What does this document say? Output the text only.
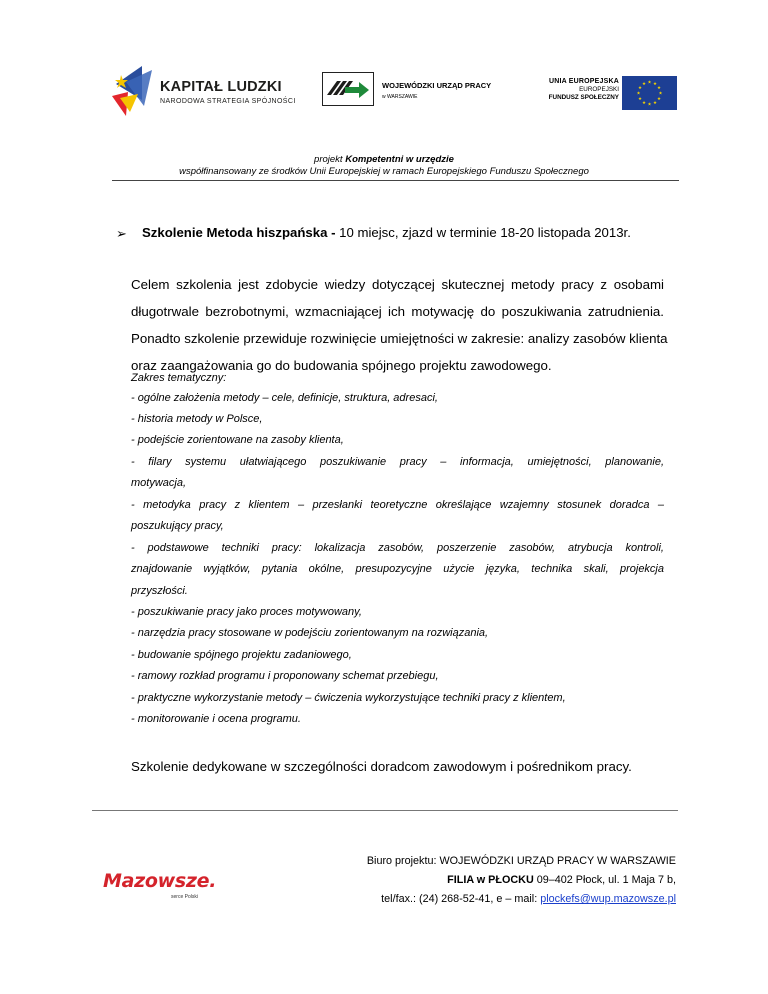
KAPITAŁ LUDZKI
NARODOWA STRATEGIA SPÓJNOŚCI
WOJEWÓDZKI URZĄD PRACY
w WARSZAWIE
UNIA EUROPEJSKA
EUROPEJSKI
FUNDUSZ SPOŁECZNY
★ ★
★
★
★
★
★
★
★
★
★
★
projekt Kompetentni w urzędzie
współfinansowany ze środków Unii Europejskiej w ramach Europejskiego Funduszu Społecznego
➢ Szkolenie Metoda hiszpańska - 10 miejsc, zjazd w terminie 18-20 listopada 2013r.
Celem szkolenia jest zdobycie wiedzy dotyczącej skutecznej metody pracy z osobami
długotrwale bezrobotnymi, wzmacniającej ich motywację do poszukiwania zatrudnienia.
Ponadto szkolenie przewiduje rozwinięcie umiejętności w zakresie: analizy zasobów klienta
oraz zaangażowania go do budowania spójnego projektu zawodowego.
Zakres tematyczny:
- ogólne założenia metody – cele, definicje, struktura, adresaci,
- historia metody w Polsce,
- podejście zorientowane na zasoby klienta,
- filary systemu ułatwiającego poszukiwanie pracy – informacja, umiejętności, planowanie,
motywacja,
- metodyka pracy z klientem – przesłanki teoretyczne określające wzajemny stosunek doradca –
poszukujący pracy,
- podstawowe techniki pracy: lokalizacja zasobów, poszerzenie zasobów, atrybucja kontroli,
znajdowanie wyjątków, pytania okólne, presupozycyjne użycie języka, technika skali, projekcja
przyszłości.
- poszukiwanie pracy jako proces motywowany,
- narzędzia pracy stosowane w podejściu zorientowanym na rozwiązania,
- budowanie spójnego projektu zadaniowego,
- ramowy rozkład programu i proponowany schemat przebiegu,
- praktyczne wykorzystanie metody – ćwiczenia wykorzystujące techniki pracy z klientem,
- monitorowanie i ocena programu.
Szkolenie dedykowane w szczególności doradcom zawodowym i pośrednikom pracy.
Mazowsze.
serce Polski
Biuro projektu: WOJEWÓDZKI URZĄD PRACY W WARSZAWIE
FILIA w PŁOCKU 09–402 Płock, ul. 1 Maja 7 b,
tel/fax.: (24) 268-52-41, e – mail: plockefs@wup.mazowsze.pl
